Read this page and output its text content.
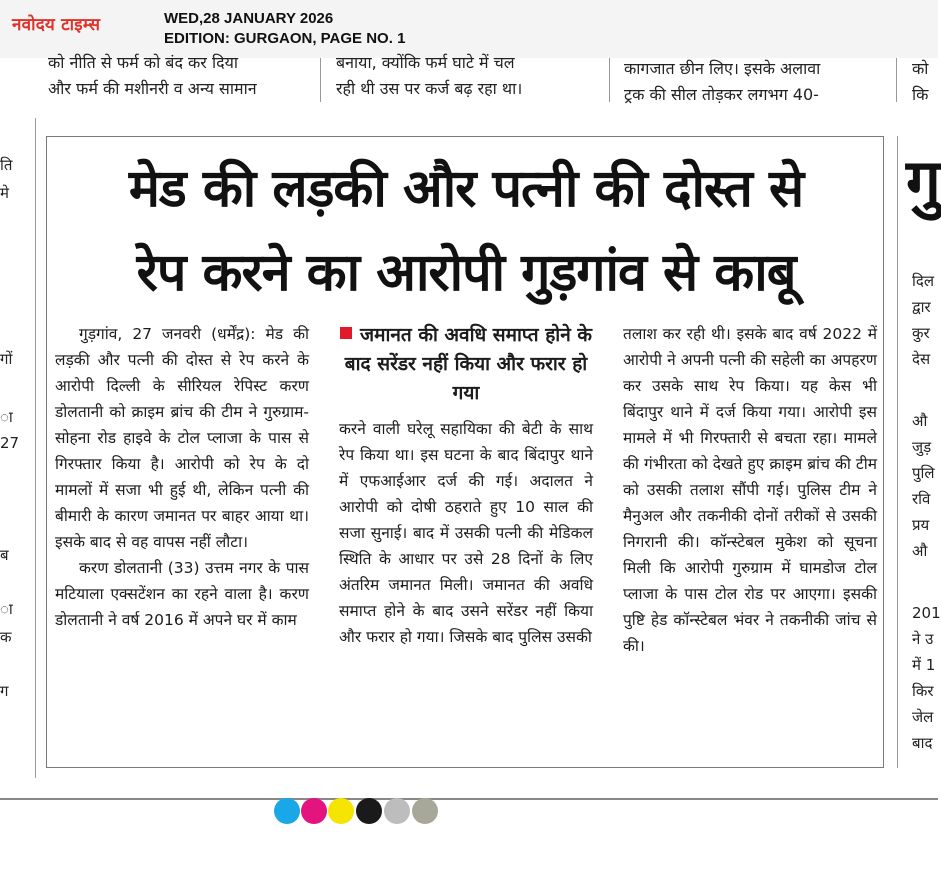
नवोदय टाइम्स	WED,28 JANUARY 2026
EDITION: GURGAON, PAGE NO. 1
को नीति से फर्म को बंद कर दिया
और फर्म की मशीनरी व अन्य सामान
बनाया, क्योंकि फर्म घाटे में चल
रही थी उस पर कर्ज बढ़ रहा था।
कागजात छीन लिए। इसके अलावा
ट्रक की सील तोड़कर लगभग 40-
को
कि
ति
मे
गों
ा
27
ब
ा
क
ग
मेड की लड़की और पत्नी की दोस्त से
रेप करने का आरोपी गुड़गांव से काबू

गुड़गांव, 27 जनवरी (धर्मेंद्र): मेड की लड़की और पत्नी की दोस्त से रेप करने के आरोपी दिल्ली के सीरियल रेपिस्ट करण डोलतानी को क्राइम ब्रांच की टीम ने गुरुग्राम-सोहना रोड हाइवे के टोल प्लाजा के पास से गिरफ्तार किया है। आरोपी को रेप के दो मामलों में सजा भी हुई थी, लेकिन पत्नी की बीमारी के कारण जमानत पर बाहर आया था। इसके बाद से वह वापस नहीं लौटा।

करण डोलतानी (33) उत्तम नगर के पास मटियाला एक्सटेंशन का रहने वाला है। करण डोलतानी ने वर्ष 2016 में अपने घर में काम

जमानत की अवधि समाप्त होने के बाद सरेंडर नहीं किया और फरार हो गया

करने वाली घरेलू सहायिका की बेटी के साथ रेप किया था। इस घटना के बाद बिंदापुर थाने में एफआईआर दर्ज की गई। अदालत ने आरोपी को दोषी ठहराते हुए 10 साल की सजा सुनाई। बाद में उसकी पत्नी की मेडिकल स्थिति के आधार पर उसे 28 दिनों के लिए अंतरिम जमानत मिली। जमानत की अवधि समाप्त होने के बाद उसने सरेंडर नहीं किया और फरार हो गया। जिसके बाद पुलिस उसकी

तलाश कर रही थी। इसके बाद वर्ष 2022 में आरोपी ने अपनी पत्नी की सहेली का अपहरण कर उसके साथ रेप किया। यह केस भी बिंदापुर थाने में दर्ज किया गया। आरोपी इस मामले में भी गिरफ्तारी से बचता रहा। मामले की गंभीरता को देखते हुए क्राइम ब्रांच की टीम को उसकी तलाश सौंपी गई। पुलिस टीम ने मैनुअल और तकनीकी दोनों तरीकों से उसकी निगरानी की। कॉन्स्टेबल मुकेश को सूचना मिली कि आरोपी गुरुग्राम में घामडोज टोल प्लाजा के पास टोल रोड पर आएगा। इसकी पुष्टि हेड कॉन्स्टेबल भंवर ने तकनीकी जांच से की।

गु
दिल
द्वार
कुर
देस
औ
जुड़
पुलि
रवि
प्रय
औ
201
ने उ
में 1
किर
जेल
बाद
